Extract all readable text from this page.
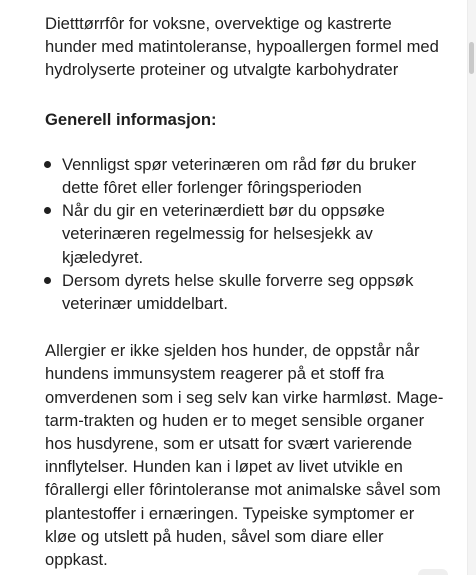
Dietttørrfôr for voksne, overvektige og kastrerte hunder med matintoleranse, hypoallergen formel med hydrolyserte proteiner og utvalgte karbohydrater

Generell informasjon:

Vennligst spør veterinæren om råd før du bruker dette fôret eller forlenger fôringsperioden
Når du gir en veterinærdiett bør du oppsøke veterinæren regelmessig for helsesjekk av kjæledyret.
Dersom dyrets helse skulle forverre seg oppsøk veterinær umiddelbart.

Allergier er ikke sjelden hos hunder, de oppstår når hundens immunsystem reagerer på et stoff fra omverdenen som i seg selv kan virke harmløst. Mage-tarm-trakten og huden er to meget sensible organer hos husdyrene, som er utsatt for svært varierende innflytelser. Hunden kan i løpet av livet utvikle en fôrallergi eller fôrintoleranse mot animalske såvel som plantestoffer i ernæringen. Typeiske symptomer er kløe og utslett på huden, såvel som diare eller oppkast.
